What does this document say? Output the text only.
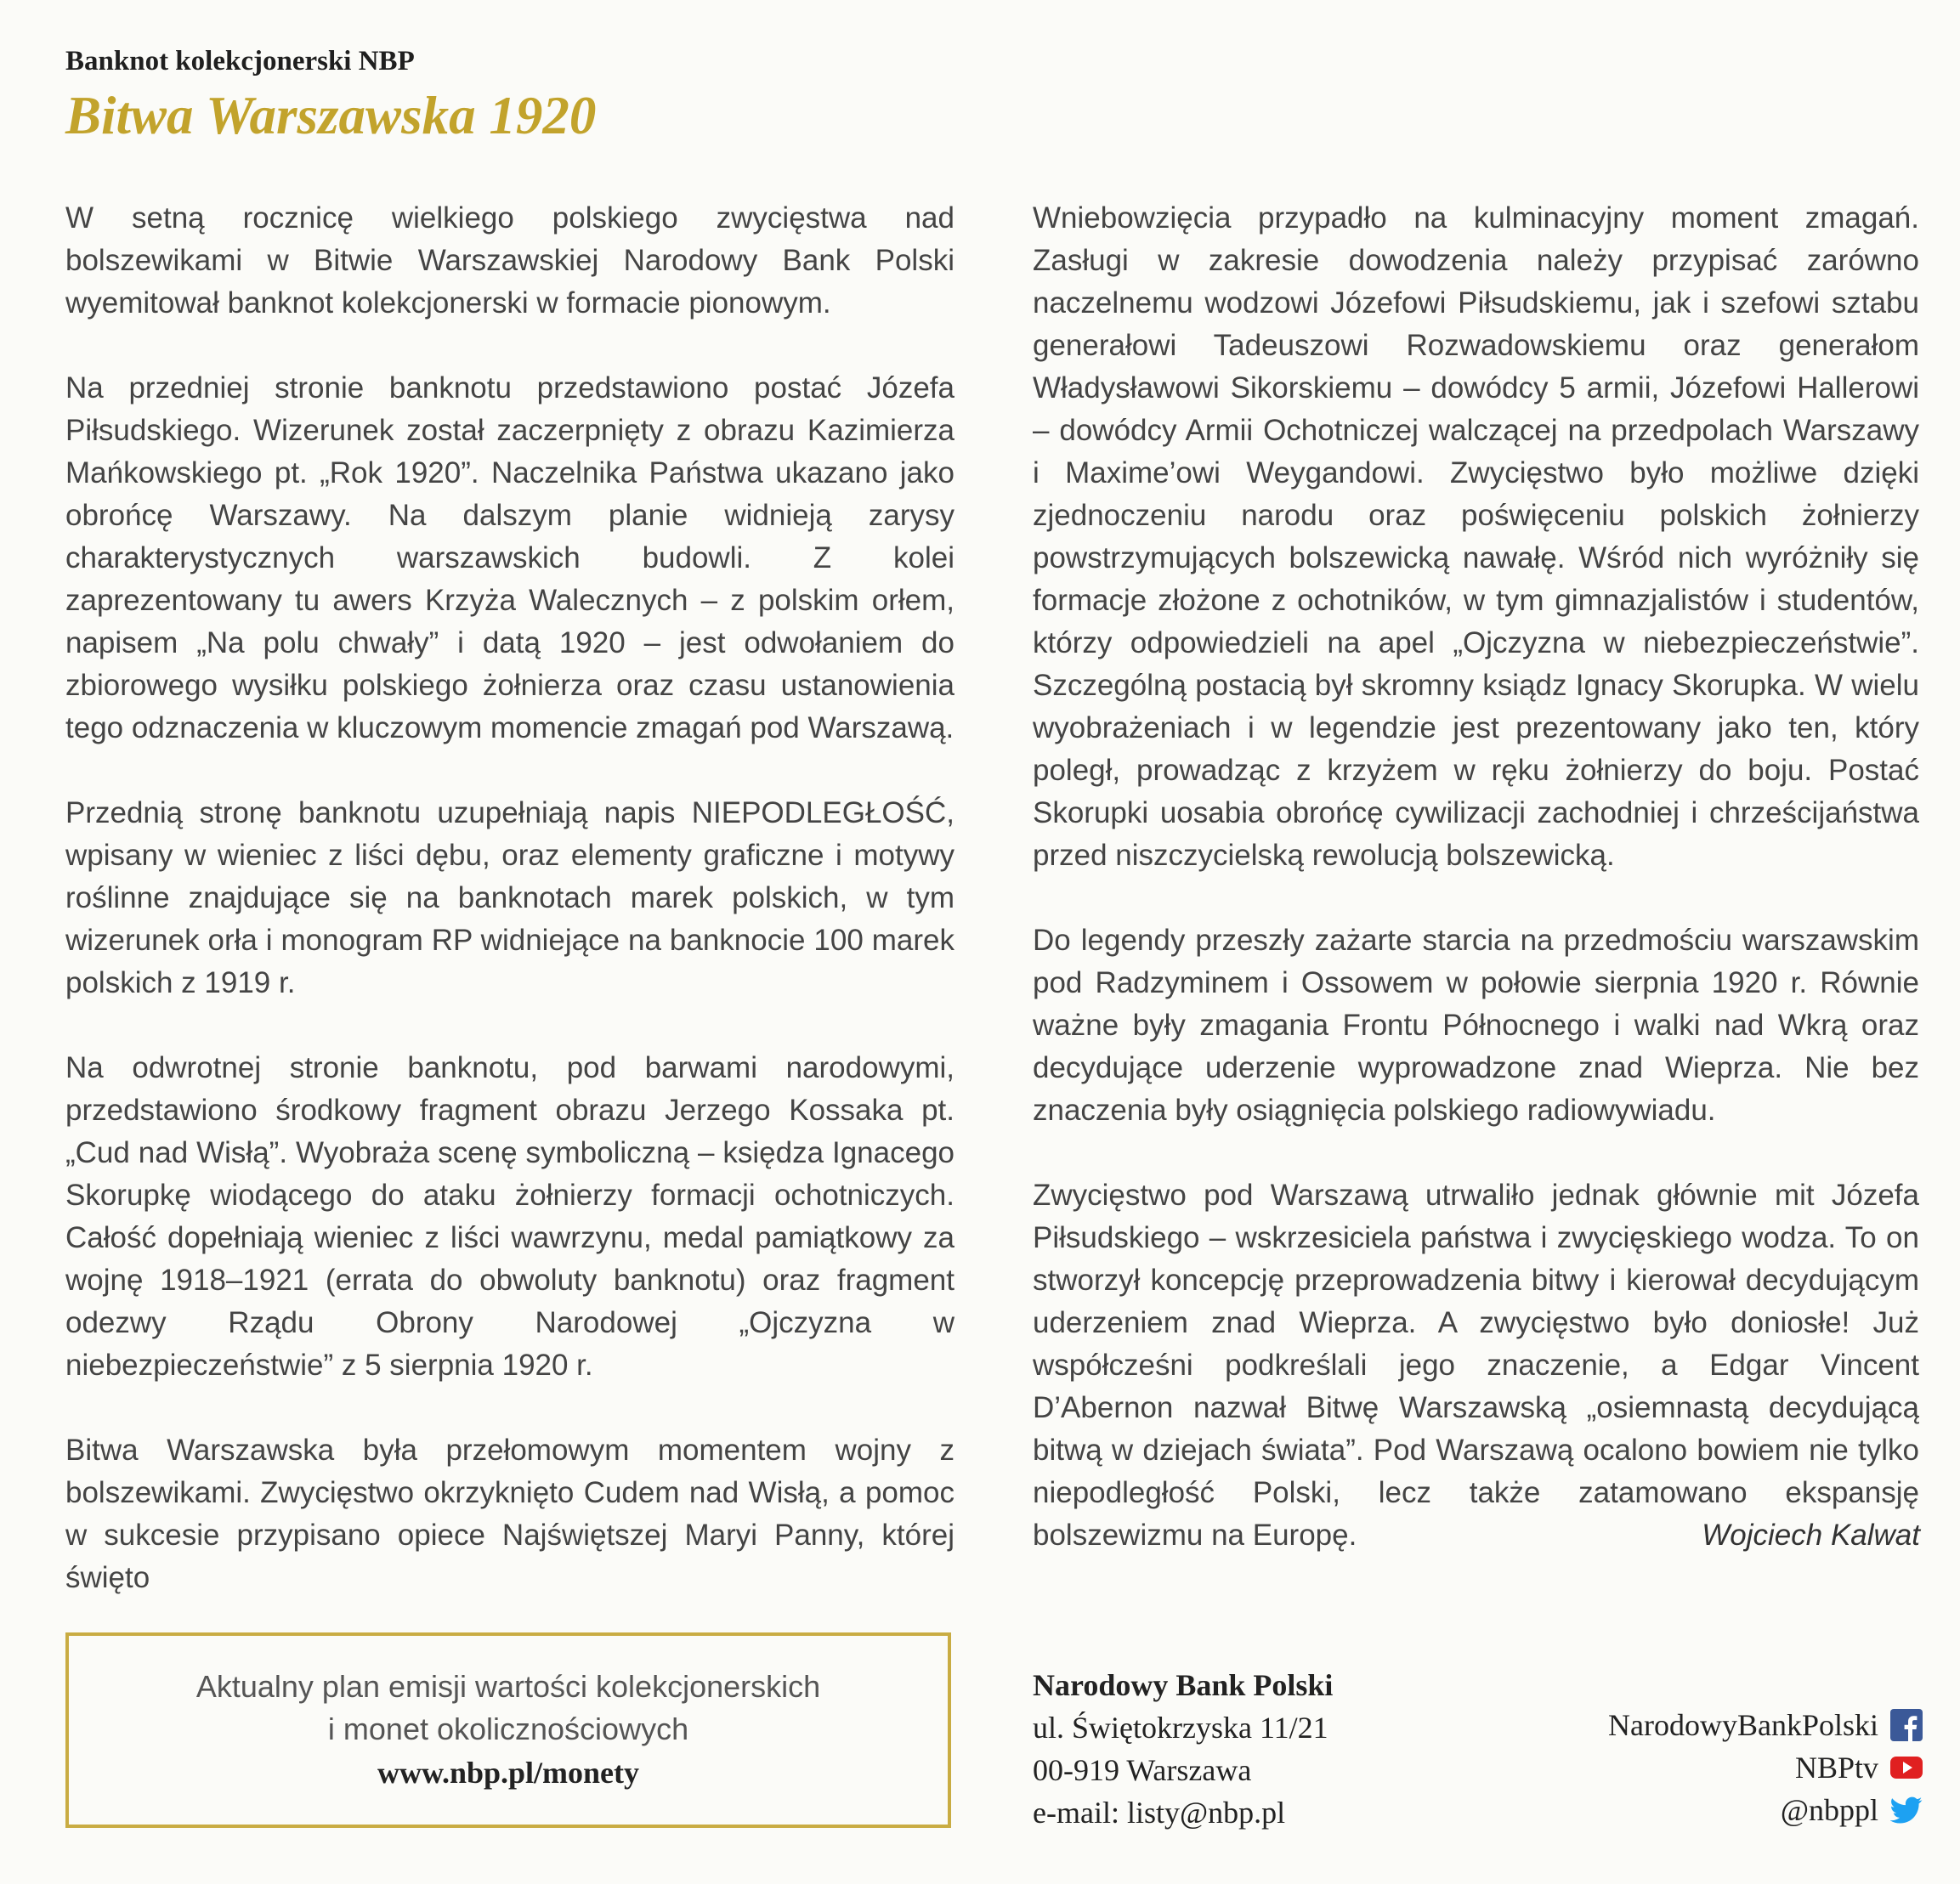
Banknot kolekcjonerski NBP
Bitwa Warszawska 1920

W setną rocznicę wielkiego polskiego zwycięstwa nad bolszewikami w Bitwie Warszawskiej Narodowy Bank Polski wyemitował banknot kolekcjonerski w formacie pionowym.

Na przedniej stronie banknotu przedstawiono postać Józefa Piłsudskiego. Wizerunek został zaczerpnięty z obrazu Kazimierza Mańkowskiego pt. „Rok 1920”. Naczelnika Państwa ukazano jako obrońcę Warszawy. Na dalszym planie widnieją zarysy charakterystycznych warszawskich budowli. Z kolei zaprezentowany tu awers Krzyża Walecznych – z polskim orłem, napisem „Na polu chwały” i datą 1920 – jest odwołaniem do zbiorowego wysiłku polskiego żołnierza oraz czasu ustanowienia tego odznaczenia w kluczowym momencie zmagań pod Warszawą.

Przednią stronę banknotu uzupełniają napis NIEPODLEGŁOŚĆ, wpisany w wieniec z liści dębu, oraz elementy graficzne i motywy roślinne znajdujące się na banknotach marek polskich, w tym wizerunek orła i monogram RP widniejące na banknocie 100 marek polskich z 1919 r.

Na odwrotnej stronie banknotu, pod barwami narodowymi, przedstawiono środkowy fragment obrazu Jerzego Kossaka pt. „Cud nad Wisłą”. Wyobraża scenę symboliczną – księdza Ignacego Skorupkę wiodącego do ataku żołnierzy formacji ochotniczych. Całość dopełniają wieniec z liści wawrzynu, medal pamiątkowy za wojnę 1918–1921 (errata do obwoluty banknotu) oraz fragment odezwy Rządu Obrony Narodowej „Ojczyzna w niebezpieczeństwie” z 5 sierpnia 1920 r.

Bitwa Warszawska była przełomowym momentem wojny z bolszewikami. Zwycięstwo okrzyknięto Cudem nad Wisłą, a pomoc w sukcesie przypisano opiece Najświętszej Maryi Panny, której święto

Wniebowzięcia przypadło na kulminacyjny moment zmagań. Zasługi w zakresie dowodzenia należy przypisać zarówno naczelnemu wodzowi Józefowi Piłsudskiemu, jak i szefowi sztabu generałowi Tadeuszowi Rozwadowskiemu oraz generałom Władysławowi Sikorskiemu – dowódcy 5 armii, Józefowi Hallerowi – dowódcy Armii Ochotniczej walczącej na przedpolach Warszawy i Maxime’owi Weygandowi. Zwycięstwo było możliwe dzięki zjednoczeniu narodu oraz poświęceniu polskich żołnierzy powstrzymujących bolszewicką nawałę. Wśród nich wyróżniły się formacje złożone z ochotników, w tym gimnazjalistów i studentów, którzy odpowiedzieli na apel „Ojczyzna w niebezpieczeństwie”. Szczególną postacią był skromny ksiądz Ignacy Skorupka. W wielu wyobrażeniach i w legendzie jest prezentowany jako ten, który poległ, prowadząc z krzyżem w ręku żołnierzy do boju. Postać Skorupki uosabia obrońcę cywilizacji zachodniej i chrześcijaństwa przed niszczycielską rewolucją bolszewicką.

Do legendy przeszły zażarte starcia na przedmościu warszawskim pod Radzyminem i Ossowem w połowie sierpnia 1920 r. Równie ważne były zmagania Frontu Północnego i walki nad Wkrą oraz decydujące uderzenie wyprowadzone znad Wieprza. Nie bez znaczenia były osiągnięcia polskiego radiowywiadu.

Zwycięstwo pod Warszawą utrwaliło jednak głównie mit Józefa Piłsudskiego – wskrzesiciela państwa i zwycięskiego wodza. To on stworzył koncepcję przeprowadzenia bitwy i kierował decydującym uderzeniem znad Wieprza. A zwycięstwo było doniosłe! Już współcześni podkreślali jego znaczenie, a Edgar Vincent D’Abernon nazwał Bitwę Warszawską „osiemnastą decydującą bitwą w dziejach świata”. Pod Warszawą ocalono bowiem nie tylko niepodległość Polski, lecz także zatamowano ekspansję bolszewizmu na Europę.	Wojciech Kalwat
Aktualny plan emisji wartości kolekcjonerskich
i monet okolicznościowych
www.nbp.pl/monety
Narodowy Bank Polski
ul. Świętokrzyska 11/21
00-919 Warszawa
e-mail: listy@nbp.pl
NarodowyBankPolski
NBPtv
@nbppl
